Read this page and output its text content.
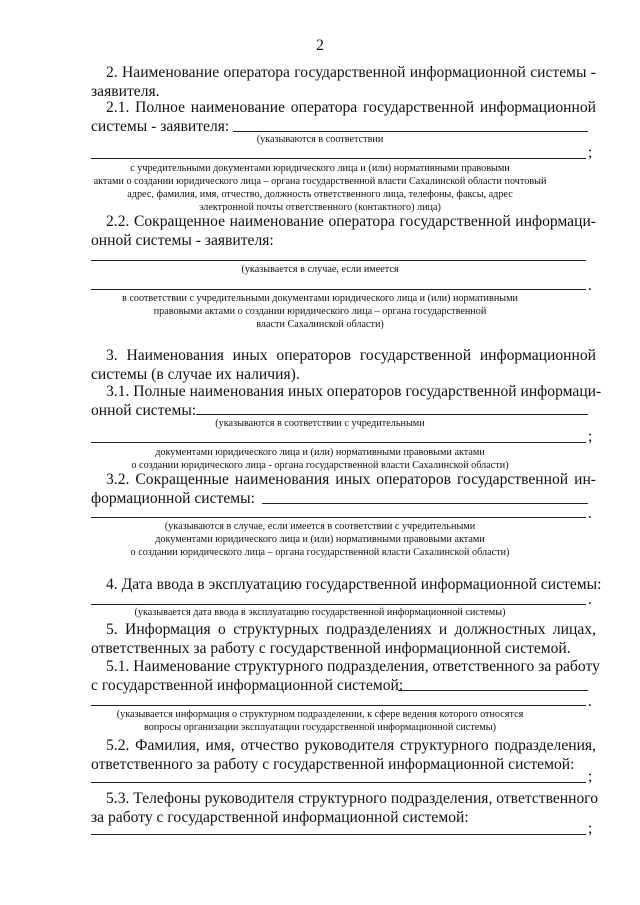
2
2. Наименование оператора государственной информационной системы -
заявителя.
2.1. Полное наименование оператора государственной информационной
системы - заявителя:
(указываются в соответствии
;
с учредительными документами юридического лица и (или) нормативными правовыми
актами о создании юридического лица – органа государственной власти Сахалинской области почтовый
адрес, фамилия, имя, отчество, должность ответственного лица, телефоны, факсы, адрес
электронной почты ответственного (контактного) лица)
2.2. Сокращенное наименование оператора государственной информаци-
онной системы - заявителя:
(указывается в случае, если имеется
.
в соответствии с учредительными документами юридического лица и (или) нормативными
правовыми актами о создании юридического лица – органа государственной
власти Сахалинской области)
3. Наименования иных операторов государственной информационной
системы (в случае их наличия).
3.1. Полные наименования иных операторов государственной информаци-
онной системы:
(указываются в соответствии с учредительными
;
документами юридического лица и (или) нормативными правовыми актами
о создании юридического лица - органа государственной власти Сахалинской области)
3.2. Сокращенные наименования иных операторов государственной ин-
формационной системы:
.
(указываются в случае, если имеется в соответствии с учредительными
документами юридического лица и (или) нормативными правовыми актами
о создании юридического лица – органа государственной власти Сахалинской области)
4. Дата ввода в эксплуатацию государственной информационной системы:
.
(указывается дата ввода в эксплуатацию государственной информационной системы)
5. Информация о структурных подразделениях и должностных лицах,
ответственных за работу с государственной информационной системой.
5.1. Наименование структурного подразделения, ответственного за работу
с государственной информационной системой:
.
(указывается информация о структурном подразделении, к сфере ведения которого относятся
вопросы организации эксплуатации государственной информационной системы)
5.2. Фамилия, имя, отчество руководителя структурного подразделения,
ответственного за работу с государственной информационной системой:
;
5.3. Телефоны руководителя структурного подразделения, ответственного
за работу с государственной информационной системой:
;
